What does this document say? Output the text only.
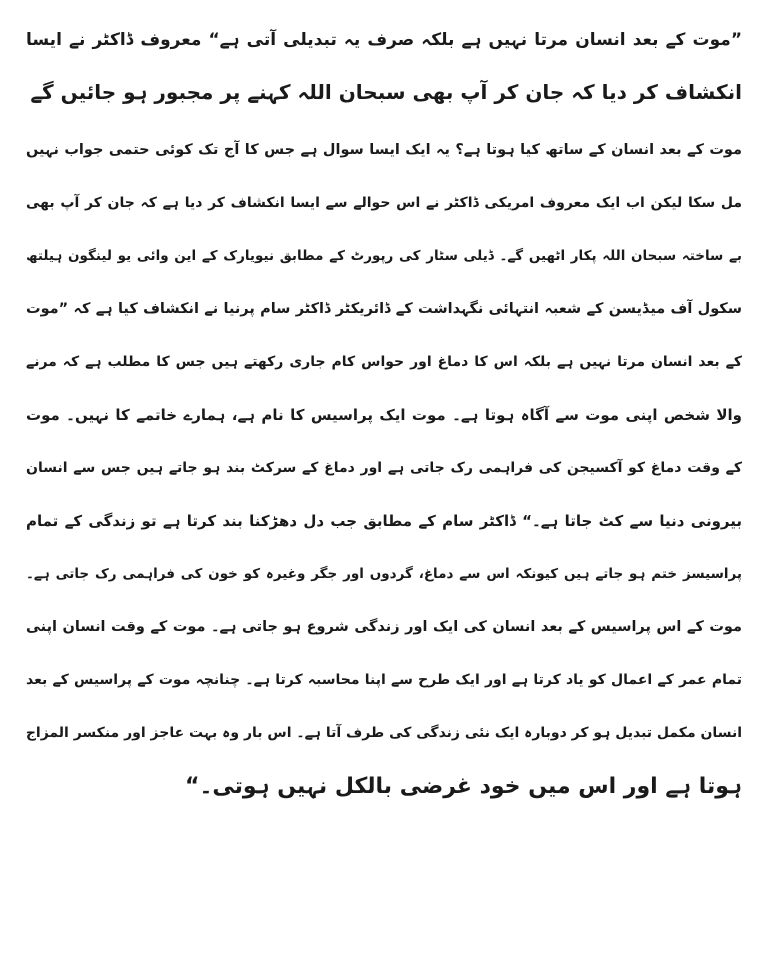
”موت کے بعد انسان مرتا نہیں ہے بلکہ صرف یہ تبدیلی آتی ہے“ معروف ڈاکٹر نے ایسا
انکشاف کر دیا کہ جان کر آپ بھی سبحان اللہ کہنے پر مجبور ہو جائیں گے
موت کے بعد انسان کے ساتھ کیا ہوتا ہے؟ یہ ایک ایسا سوال ہے جس کا آج تک کوئی حتمی جواب نہیں
مل سکا لیکن اب ایک معروف امریکی ڈاکٹر نے اس حوالے سے ایسا انکشاف کر دیا ہے کہ جان کر آپ بھی
بے ساختہ سبحان اللہ پکار اٹھیں گے۔ ڈیلی سٹار کی رپورٹ کے مطابق نیویارک کے این وائی یو لینگون ہیلتھ
سکول آف میڈیسن کے شعبہ انتہائی نگہداشت کے ڈائریکٹر ڈاکٹر سام پرنیا نے انکشاف کیا ہے کہ ”موت
کے بعد انسان مرتا نہیں ہے بلکہ اس کا دماغ اور حواس کام جاری رکھتے ہیں جس کا مطلب ہے کہ مرنے
والا شخص اپنی موت سے آگاہ ہوتا ہے۔ موت ایک پراسیس کا نام ہے، ہمارے خاتمے کا نہیں۔ موت
کے وقت دماغ کو آکسیجن کی فراہمی رک جاتی ہے اور دماغ کے سرکٹ بند ہو جاتے ہیں جس سے انسان
بیرونی دنیا سے کٹ جاتا ہے۔“ ڈاکٹر سام کے مطابق جب دل دھڑکنا بند کرتا ہے تو زندگی کے تمام
پراسیسز ختم ہو جاتے ہیں کیونکہ اس سے دماغ، گردوں اور جگر وغیرہ کو خون کی فراہمی رک جاتی ہے۔
موت کے اس پراسیس کے بعد انسان کی ایک اور زندگی شروع ہو جاتی ہے۔ موت کے وقت انسان اپنی
تمام عمر کے اعمال کو یاد کرتا ہے اور ایک طرح سے اپنا محاسبہ کرتا ہے۔ چنانچہ موت کے پراسیس کے بعد
انسان مکمل تبدیل ہو کر دوبارہ ایک نئی زندگی کی طرف آتا ہے۔ اس بار وہ بہت عاجز اور منکسر المزاج
ہوتا ہے اور اس میں خود غرضی بالکل نہیں ہوتی۔“
